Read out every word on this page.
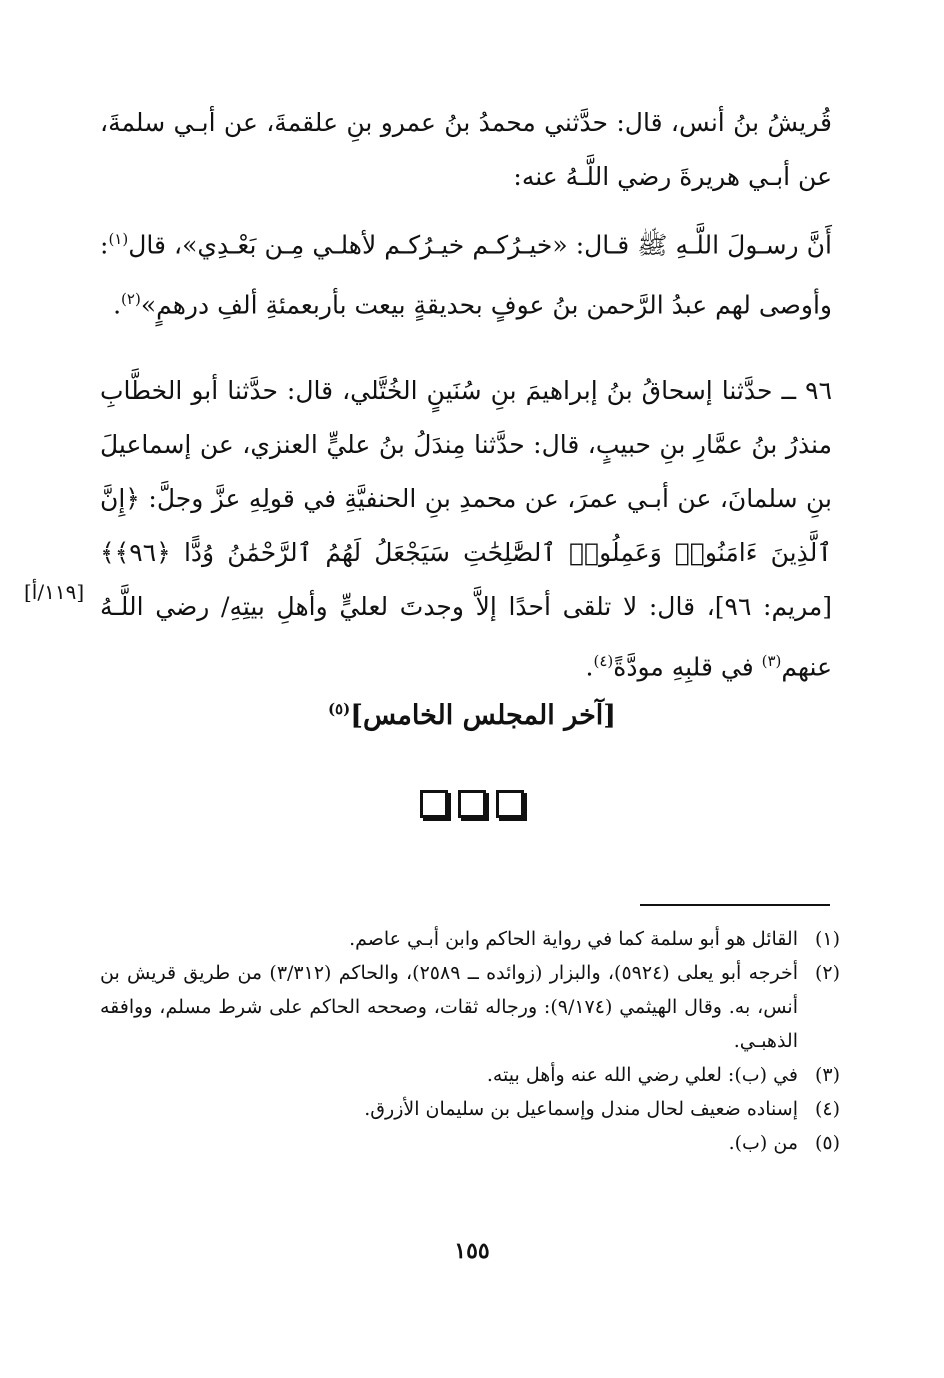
قُريشُ بنُ أنس، قال: حدَّثني محمدُ بنُ عمرو بنِ علقمةَ، عن أبـي سلمةَ، عن أبـي هريرةَ رضي اللَّـهُ عنه:

أَنَّ رسـولَ اللَّـهِ ﷺ قـال: «خيـرُكـم خيـرُكـم لأهلـي مِـن بَعْـدِي»، قال$^{(١)}$: وأوصى لهم عبدُ الرَّحمن بنُ عوفٍ بحديقةٍ بيعت بأربعمئةِ ألفِ درهمٍ»$^{(٢)}$.

٩٦ ــ حدَّثنا إسحاقُ بنُ إبراهيمَ بنِ سُنَينٍ الخُتَّلي، قال: حدَّثنا أبو الخطَّابِ منذرُ بنُ عمَّارِ بنِ حبيبٍ، قال: حدَّثنا مِندَلُ بنُ عليٍّ العنزي، عن إسماعيلَ بنِ سلمانَ، عن أبـي عمرَ، عن محمدِ بنِ الحنفيَّةِ في قولِهِ عزَّ وجلَّ: ﴿إِنَّ ٱلَّذِينَ ءَامَنُوا۟ وَعَمِلُوا۟ ٱلصَّٰلِحَٰتِ سَيَجْعَلُ لَهُمُ ٱلرَّحْمَٰنُ وُدًّا ﴿٩٦﴾﴾ [مريم: ٩٦]، قال: لا تلقى أحدًا إلاَّ وجدتَ لعليٍّ وأهلِ بيتِهِ/ رضي اللَّـهُ عنهم$^{(٣)}$ في قلبِهِ مودَّةً$^{(٤)}$.

[١١٩/أ]
[آخر المجلس الخامس]$^{(٥)}$
(١)
القائل هو أبو سلمة كما في رواية الحاكم وابن أبـي عاصم.
(٢)
أخرجه أبو يعلى (٥٩٢٤)، والبزار (زوائده ــ ٢٥٨٩)، والحاكم (٣/٣١٢) من طريق قريش بن أنس، به. وقال الهيثمي (٩/١٧٤): ورجاله ثقات، وصححه الحاكم على شرط مسلم، ووافقه الذهبـي.
(٣)
في (ب): لعلي رضي الله عنه وأهل بيته.
(٤)
إسناده ضعيف لحال مندل وإسماعيل بن سليمان الأزرق.
(٥)
من (ب).
١٥٥
